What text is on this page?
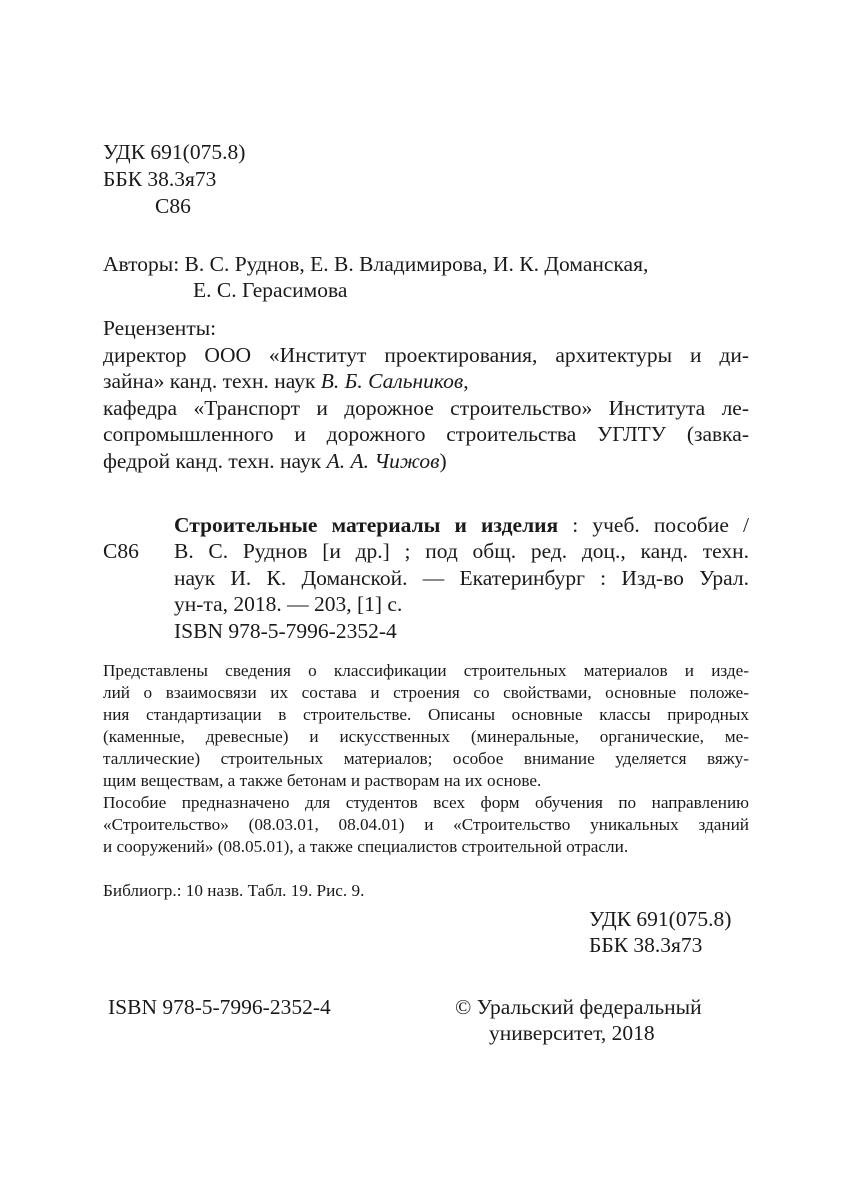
УДК 691(075.8)
ББК 38.3я73
С86
Авторы: В. С. Руднов, Е. В. Владимирова, И. К. Доманская,
Е. С. Герасимова
Рецензенты:
директор ООО «Институт проектирования, архитектуры и ди-
зайна» канд. техн. наук В. Б. Сальников,
кафедра «Транспорт и дорожное строительство» Института ле-
сопромышленного и дорожного строительства УГЛТУ (завка-
федрой канд. техн. наук А. А. Чижов)
С86
Строительные материалы и изделия : учеб. пособие /
В. С. Руднов [и др.] ; под общ. ред. доц., канд. техн.
наук И. К. Доманской. — Екатеринбург : Изд-во Урал.
ун-та, 2018. — 203, [1] с.
ISBN 978-5-7996-2352-4
Представлены сведения о классификации строительных материалов и изде-
лий о взаимосвязи их состава и строения со свойствами, основные положе-
ния стандартизации в строительстве. Описаны основные классы природных
(каменные, древесные) и искусственных (минеральные, органические, ме-
таллические) строительных материалов; особое внимание уделяется вяжу-
щим веществам, а также бетонам и растворам на их основе.
Пособие предназначено для студентов всех форм обучения по направлению
«Строительство» (08.03.01, 08.04.01) и «Строительство уникальных зданий
и сооружений» (08.05.01), а также специалистов строительной отрасли.
Библиогр.: 10 назв. Табл. 19. Рис. 9.
УДК 691(075.8)
ББК 38.3я73
ISBN 978-5-7996-2352-4	© Уральский федеральный
университет, 2018
